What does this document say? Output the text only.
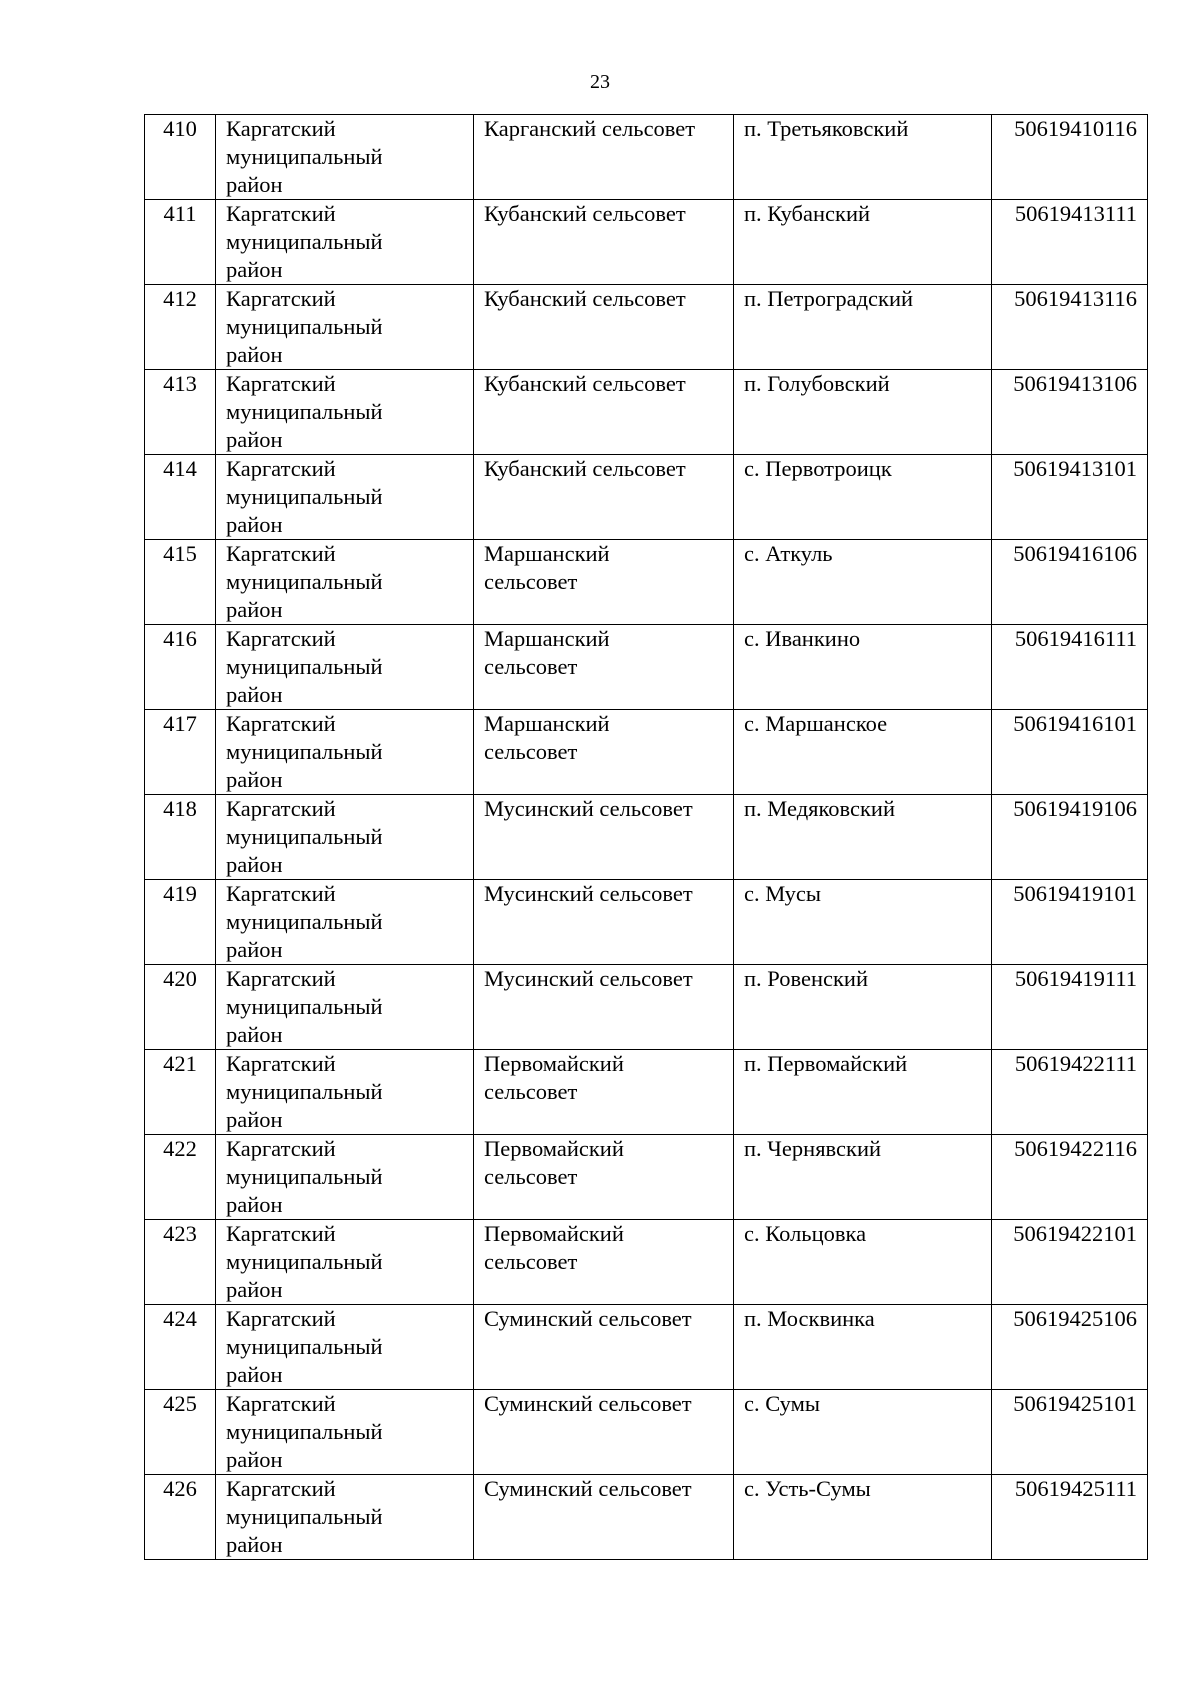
23
410	Каргатский
муниципальный
район	Карганский сельсовет	п. Третьяковский	50619410116
411	Каргатский
муниципальный
район	Кубанский сельсовет	п. Кубанский	50619413111
412	Каргатский
муниципальный
район	Кубанский сельсовет	п. Петроградский	50619413116
413	Каргатский
муниципальный
район	Кубанский сельсовет	п. Голубовский	50619413106
414	Каргатский
муниципальный
район	Кубанский сельсовет	с. Первотроицк	50619413101
415	Каргатский
муниципальный
район	Маршанский
сельсовет	с. Аткуль	50619416106
416	Каргатский
муниципальный
район	Маршанский
сельсовет	с. Иванкино	50619416111
417	Каргатский
муниципальный
район	Маршанский
сельсовет	с. Маршанское	50619416101
418	Каргатский
муниципальный
район	Мусинский сельсовет	п. Медяковский	50619419106
419	Каргатский
муниципальный
район	Мусинский сельсовет	с. Мусы	50619419101
420	Каргатский
муниципальный
район	Мусинский сельсовет	п. Ровенский	50619419111
421	Каргатский
муниципальный
район	Первомайский
сельсовет	п. Первомайский	50619422111
422	Каргатский
муниципальный
район	Первомайский
сельсовет	п. Чернявский	50619422116
423	Каргатский
муниципальный
район	Первомайский
сельсовет	с. Кольцовка	50619422101
424	Каргатский
муниципальный
район	Суминский сельсовет	п. Москвинка	50619425106
425	Каргатский
муниципальный
район	Суминский сельсовет	с. Сумы	50619425101
426	Каргатский
муниципальный
район	Суминский сельсовет	с. Усть-Сумы	50619425111
